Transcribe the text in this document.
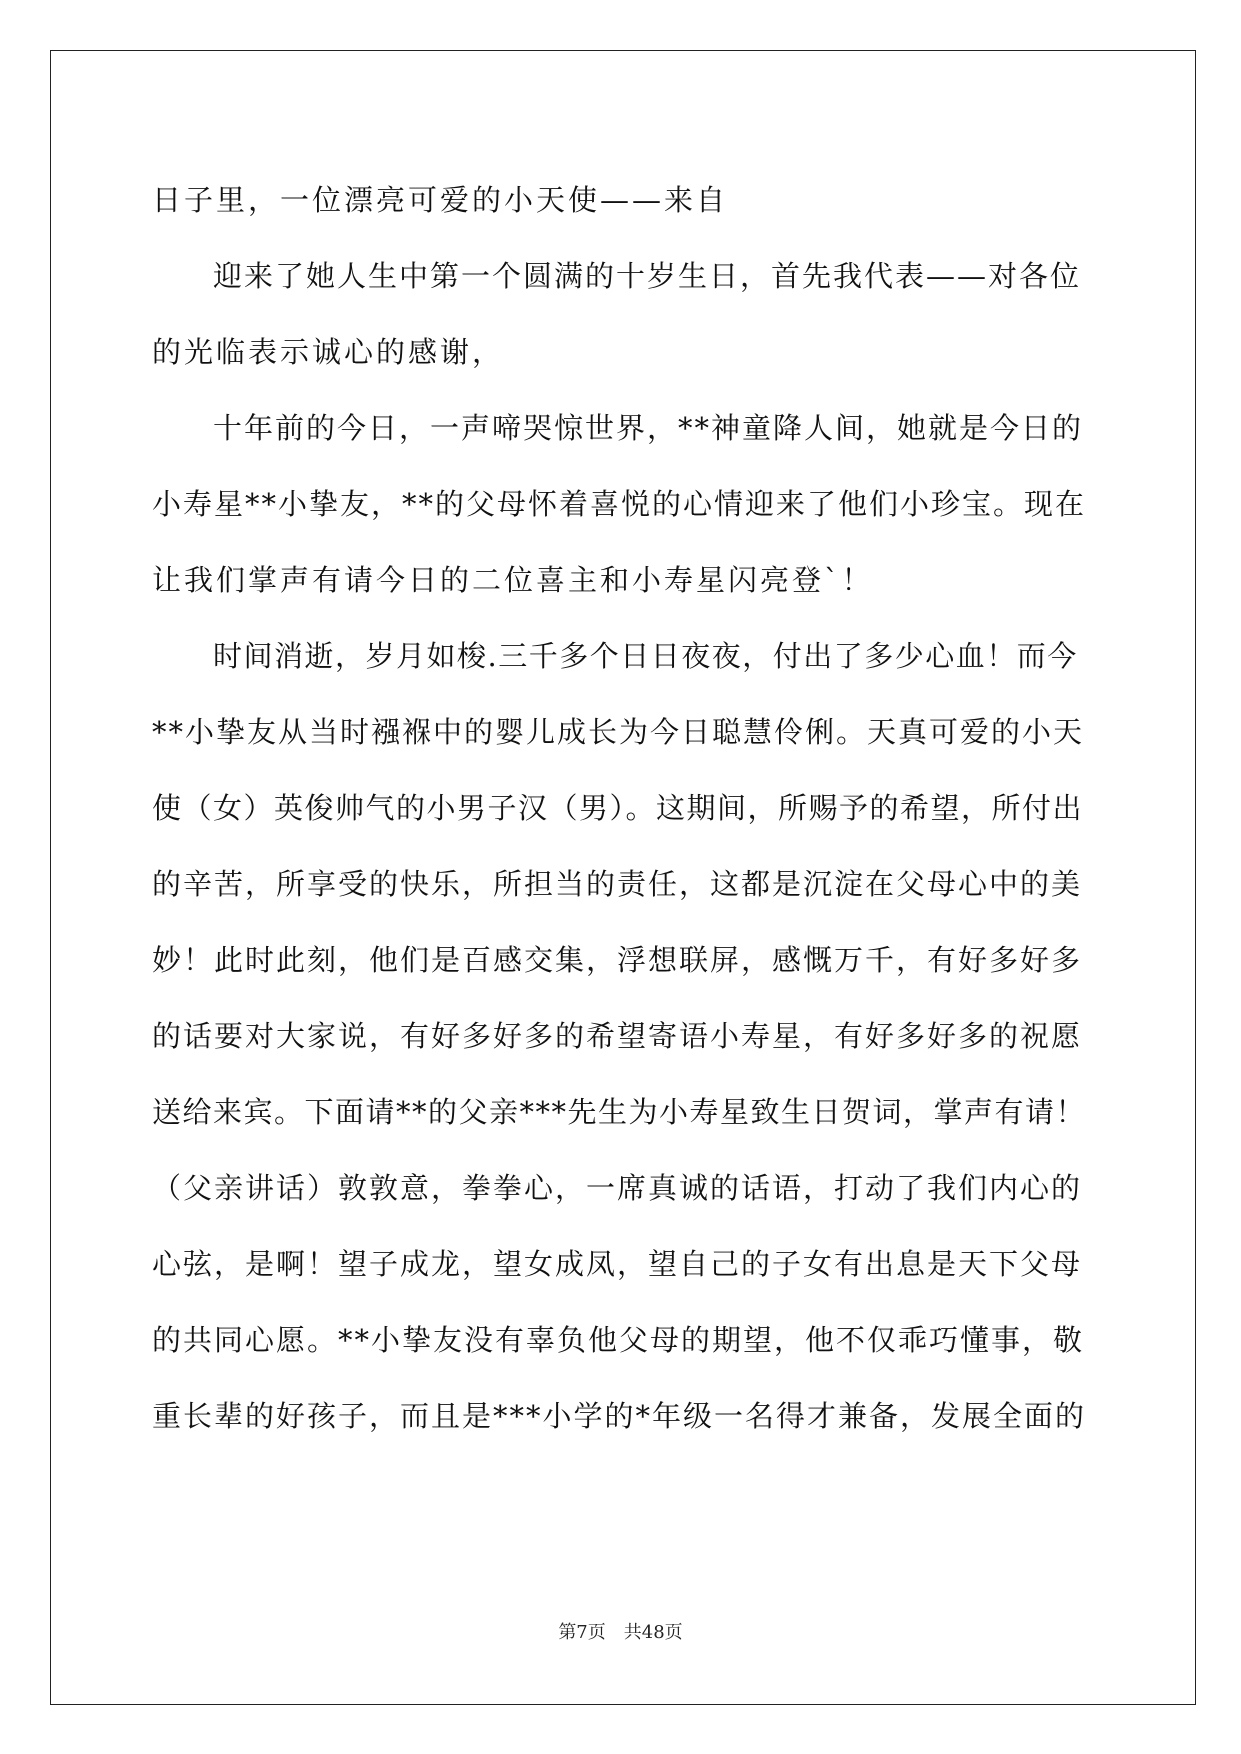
日子里，一位漂亮可爱的小天使——来自
迎来了她人生中第一个圆满的十岁生日，首先我代表——对各位
的光临表示诚心的感谢，
十年前的今日，一声啼哭惊世界，**神童降人间，她就是今日的
小寿星**小挚友，**的父母怀着喜悦的心情迎来了他们小珍宝。现在
让我们掌声有请今日的二位喜主和小寿星闪亮登`！
时间消逝，岁月如梭.三千多个日日夜夜，付出了多少心血！而今
**小挚友从当时襁褓中的婴儿成长为今日聪慧伶俐。天真可爱的小天
使（女）英俊帅气的小男子汉（男）。这期间，所赐予的希望，所付出
的辛苦，所享受的快乐，所担当的责任，这都是沉淀在父母心中的美
妙！此时此刻，他们是百感交集，浮想联屏，感慨万千，有好多好多
的话要对大家说，有好多好多的希望寄语小寿星，有好多好多的祝愿
送给来宾。下面请**的父亲***先生为小寿星致生日贺词，掌声有请！
（父亲讲话）敦敦意，拳拳心，一席真诚的话语，打动了我们内心的
心弦，是啊！望子成龙，望女成凤，望自己的子女有出息是天下父母
的共同心愿。**小挚友没有辜负他父母的期望，他不仅乖巧懂事，敬
重长辈的好孩子，而且是***小学的*年级一名得才兼备，发展全面的
第7页　共48页
